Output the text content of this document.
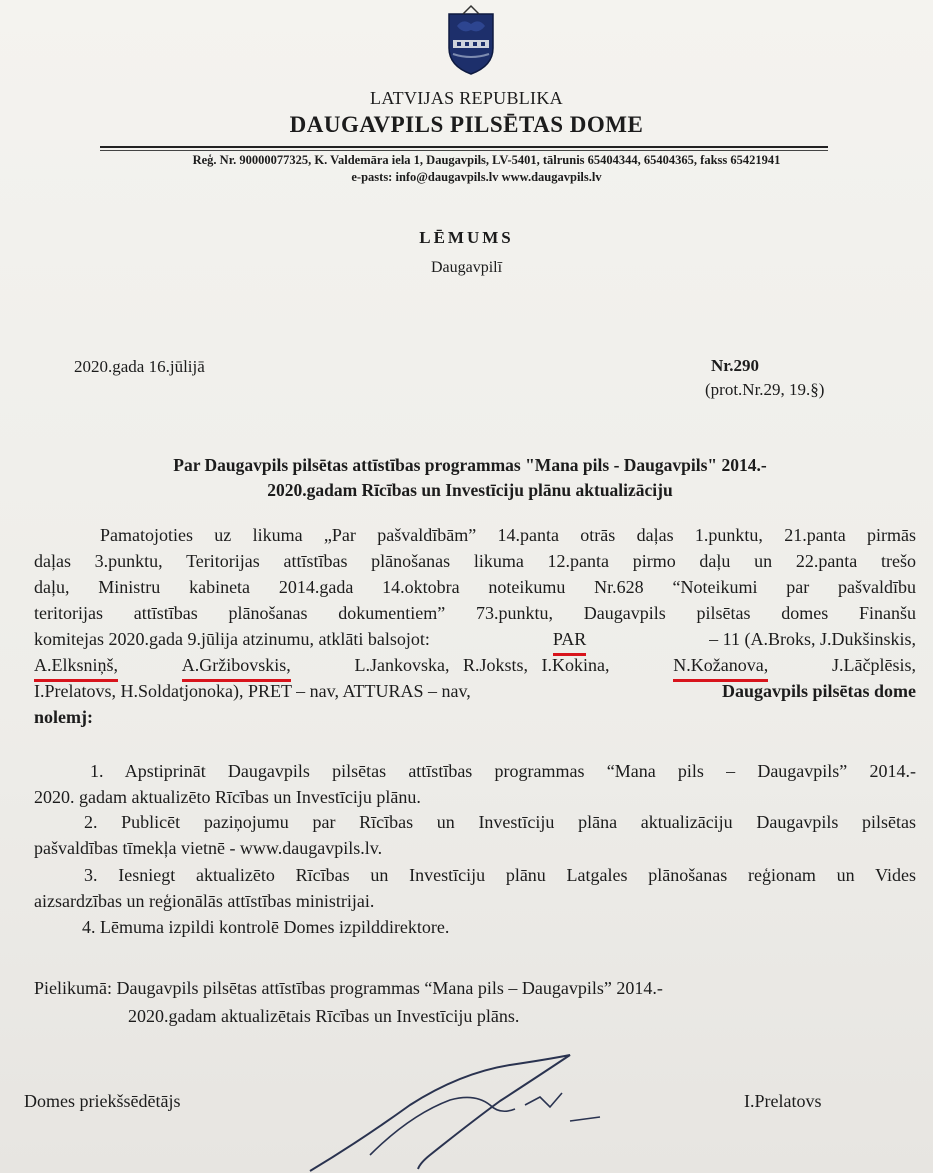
LATVIJAS REPUBLIKA
DAUGAVPILS PILSĒTAS DOME
Reģ. Nr. 90000077325, K. Valdemāra iela 1, Daugavpils, LV-5401, tālrunis 65404344, 65404365, fakss 65421941
e-pasts: info@daugavpils.lv www.daugavpils.lv
LĒMUMS
Daugavpilī
2020.gada 16.jūlijā	Nr.290
(prot.Nr.29, 19.§)
Par Daugavpils pilsētas attīstības programmas "Mana pils - Daugavpils" 2014.-
2020.gadam Rīcības un Investīciju plānu aktualizāciju
Pamatojoties uz likuma „Par pašvaldībām” 14.panta otrās daļas 1.punktu, 21.panta pirmās
daļas 3.punktu, Teritorijas attīstības plānošanas likuma 12.panta pirmo daļu un 22.panta trešo
daļu, Ministru kabineta 2014.gada 14.oktobra noteikumu Nr.628 “Noteikumi par pašvaldību
teritorijas attīstības plānošanas dokumentiem” 73.punktu, Daugavpils pilsētas domes Finanšu
komitejas 2020.gada 9.jūlija atzinumu, atklāti balsojot:	PAR	– 11 (A.Broks, J.Dukšinskis,
A.Elksniņš,	A.Gržibovskis,	L.Jankovska,   R.Joksts,   I.Kokina,	N.Kožanova,	J.Lāčplēsis,
I.Prelatovs, H.Soldatjonoka), PRET – nav, ATTURAS – nav,	Daugavpils pilsētas dome
nolemj:
1. Apstiprināt Daugavpils pilsētas attīstības programmas “Mana pils – Daugavpils” 2014.-
2020. gadam aktualizēto Rīcības un Investīciju plānu.
2. Publicēt paziņojumu par Rīcības un Investīciju plāna aktualizāciju Daugavpils pilsētas
pašvaldības tīmekļa vietnē - www.daugavpils.lv.
3. Iesniegt aktualizēto Rīcības un Investīciju plānu Latgales plānošanas reģionam un Vides
aizsardzības un reģionālās attīstības ministrijai.
4. Lēmuma izpildi kontrolē Domes izpilddirektore.
Pielikumā: Daugavpils pilsētas attīstības programmas “Mana pils – Daugavpils” 2014.-
2020.gadam aktualizētais Rīcības un Investīciju plāns.
Domes priekšsēdētājs	I.Prelatovs
